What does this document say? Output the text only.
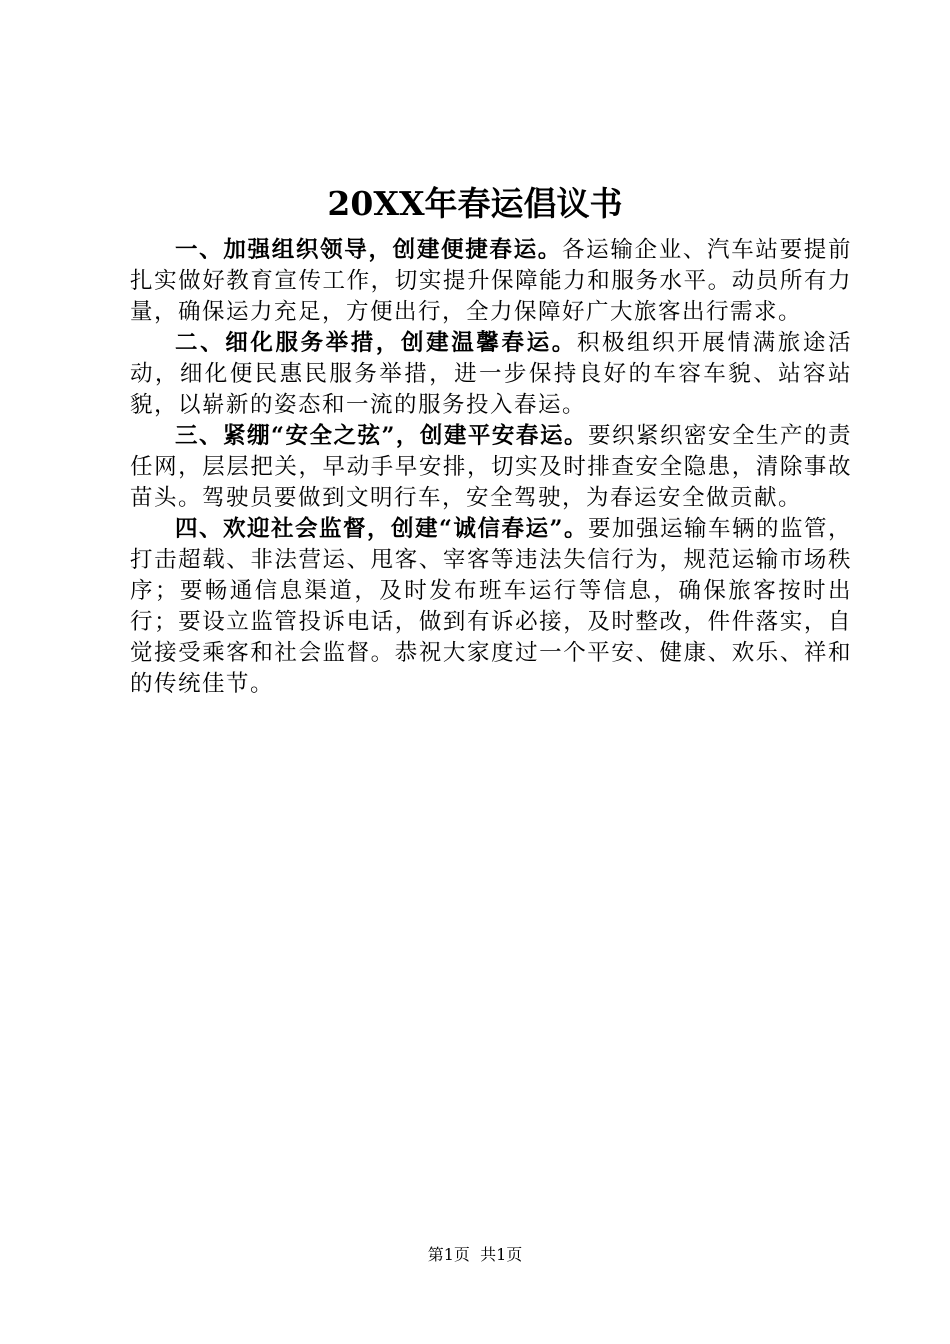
20XX年春运倡议书

一、加强组织领导，创建便捷春运。各运输企业、汽车站要提前扎实做好教育宣传工作，切实提升保障能力和服务水平。动员所有力量，确保运力充足，方便出行，全力保障好广大旅客出行需求。

二、细化服务举措，创建温馨春运。积极组织开展情满旅途活动，细化便民惠民服务举措，进一步保持良好的车容车貌、站容站貌，以崭新的姿态和一流的服务投入春运。

三、紧绷“安全之弦”，创建平安春运。要织紧织密安全生产的责任网，层层把关，早动手早安排，切实及时排查安全隐患，清除事故苗头。驾驶员要做到文明行车，安全驾驶，为春运安全做贡献。

四、欢迎社会监督，创建“诚信春运”。要加强运输车辆的监管，打击超载、非法营运、甩客、宰客等违法失信行为，规范运输市场秩序；要畅通信息渠道，及时发布班车运行等信息，确保旅客按时出行；要设立监管投诉电话，做到有诉必接，及时整改，件件落实，自觉接受乘客和社会监督。恭祝大家度过一个平安、健康、欢乐、祥和的传统佳节。

第1页 共1页
